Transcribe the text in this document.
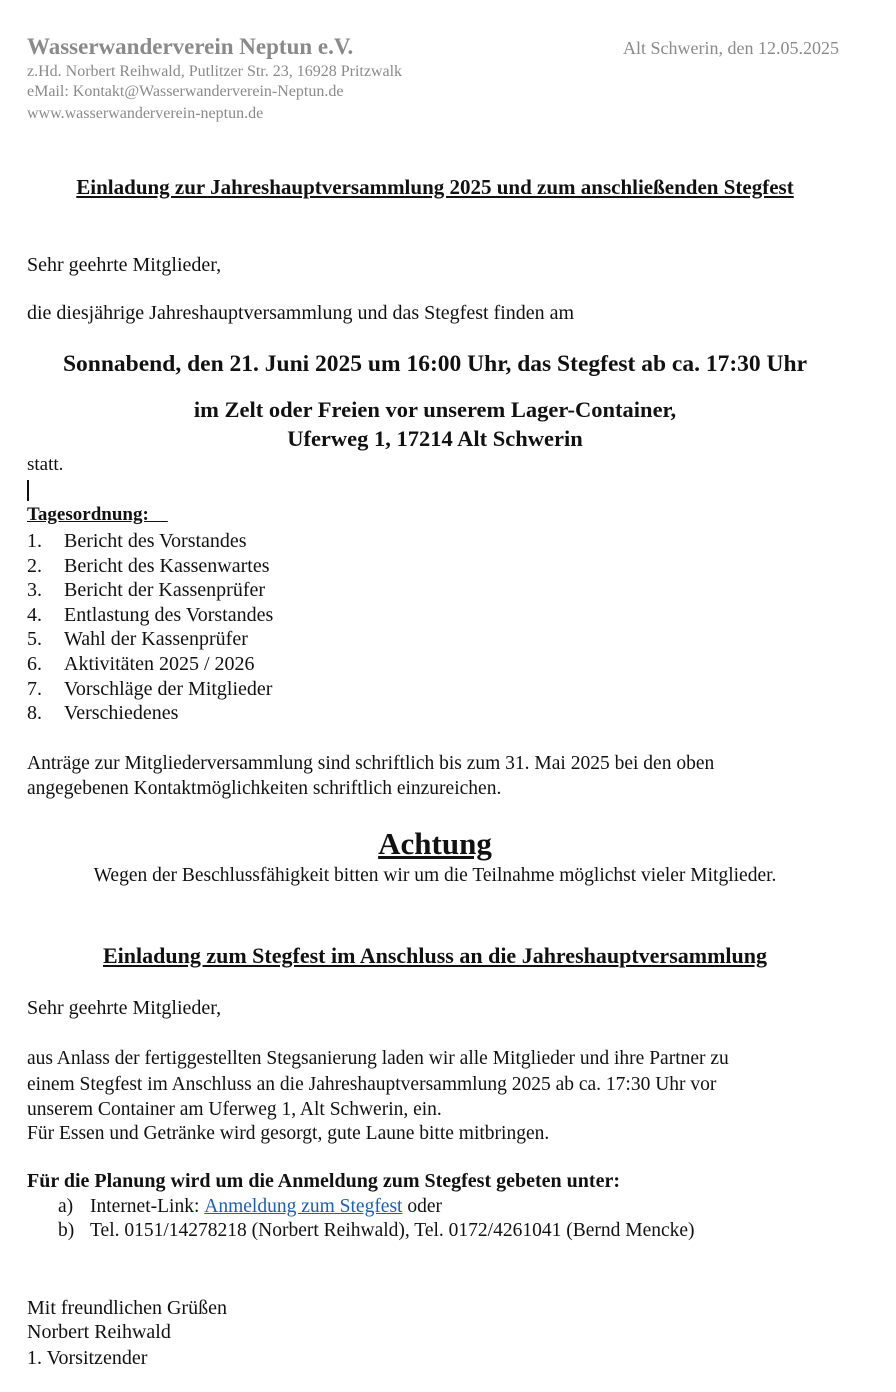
Wasserwanderverein Neptun e.V.
z.Hd. Norbert Reihwald, Putlitzer Str. 23, 16928 Pritzwalk
eMail: Kontakt@Wasserwanderverein-Neptun.de
www.wasserwanderverein-neptun.de
Alt Schwerin, den 12.05.2025
Einladung zur Jahreshauptversammlung 2025 und zum anschließenden Stegfest
Sehr geehrte Mitglieder,
die diesjährige Jahreshauptversammlung und das Stegfest finden am
Sonnabend, den 21. Juni 2025 um 16:00 Uhr, das Stegfest ab ca. 17:30 Uhr
im Zelt oder Freien vor unserem Lager-Container,
Uferweg 1, 17214 Alt Schwerin
statt.
Tagesordnung:
1.	Bericht des Vorstandes
2.	Bericht des Kassenwartes
3.	Bericht der Kassenprüfer
4.	Entlastung des Vorstandes
5.	Wahl der Kassenprüfer
6.	Aktivitäten 2025 / 2026
7.	Vorschläge der Mitglieder
8.	Verschiedenes
Anträge zur Mitgliederversammlung sind schriftlich bis zum 31. Mai 2025 bei den oben
angegebenen Kontaktmöglichkeiten schriftlich einzureichen.
Achtung
Wegen der Beschlussfähigkeit bitten wir um die Teilnahme möglichst vieler Mitglieder.
Einladung zum Stegfest im Anschluss an die Jahreshauptversammlung
Sehr geehrte Mitglieder,
aus Anlass der fertiggestellten Stegsanierung laden wir alle Mitglieder und ihre Partner zu
einem Stegfest im Anschluss an die Jahreshauptversammlung 2025 ab ca. 17:30 Uhr vor
unserem Container am Uferweg 1, Alt Schwerin, ein.
Für Essen und Getränke wird gesorgt, gute Laune bitte mitbringen.
Für die Planung wird um die Anmeldung zum Stegfest gebeten unter:
a) Internet-Link: Anmeldung zum Stegfest oder
b) Tel. 0151/14278218 (Norbert Reihwald), Tel. 0172/4261041 (Bernd Mencke)
Mit freundlichen Grüßen
Norbert Reihwald
1. Vorsitzender
